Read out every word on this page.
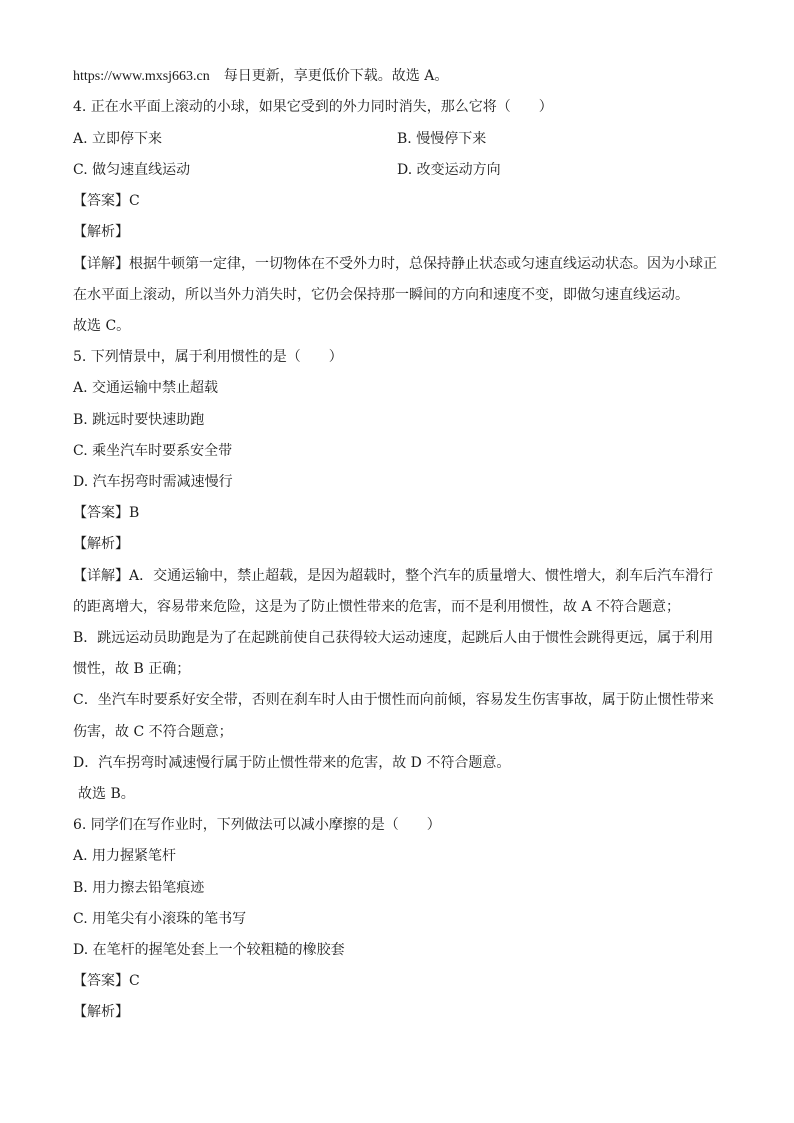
https://www.mxsj663.cn 每日更新，享更低价下载。故选 A。
4. 正在水平面上滚动的小球，如果它受到的外力同时消失，那么它将（　　）
A. 立即停下来	B. 慢慢停下来
C. 做匀速直线运动	D. 改变运动方向
【答案】C
【解析】
【详解】根据牛顿第一定律，一切物体在不受外力时，总保持静止状态或匀速直线运动状态。因为小球正
在水平面上滚动，所以当外力消失时，它仍会保持那一瞬间的方向和速度不变，即做匀速直线运动。
故选 C。
5. 下列情景中，属于利用惯性的是（　　）
A. 交通运输中禁止超载
B. 跳远时要快速助跑
C. 乘坐汽车时要系安全带
D. 汽车拐弯时需减速慢行
【答案】B
【解析】
【详解】A．交通运输中，禁止超载，是因为超载时，整个汽车的质量增大、惯性增大，刹车后汽车滑行
的距离增大，容易带来危险，这是为了防止惯性带来的危害，而不是利用惯性，故 A 不符合题意；
B．跳远运动员助跑是为了在起跳前使自己获得较大运动速度，起跳后人由于惯性会跳得更远，属于利用
惯性，故 B 正确；
C．坐汽车时要系好安全带，否则在刹车时人由于惯性而向前倾，容易发生伤害事故，属于防止惯性带来
伤害，故 C 不符合题意；
D．汽车拐弯时减速慢行属于防止惯性带来的危害，故 D 不符合题意。
故选 B。
6. 同学们在写作业时，下列做法可以减小摩擦的是（　　）
A. 用力握紧笔杆
B. 用力擦去铅笔痕迹
C. 用笔尖有小滚珠的笔书写
D. 在笔杆的握笔处套上一个较粗糙的橡胶套
【答案】C
【解析】
